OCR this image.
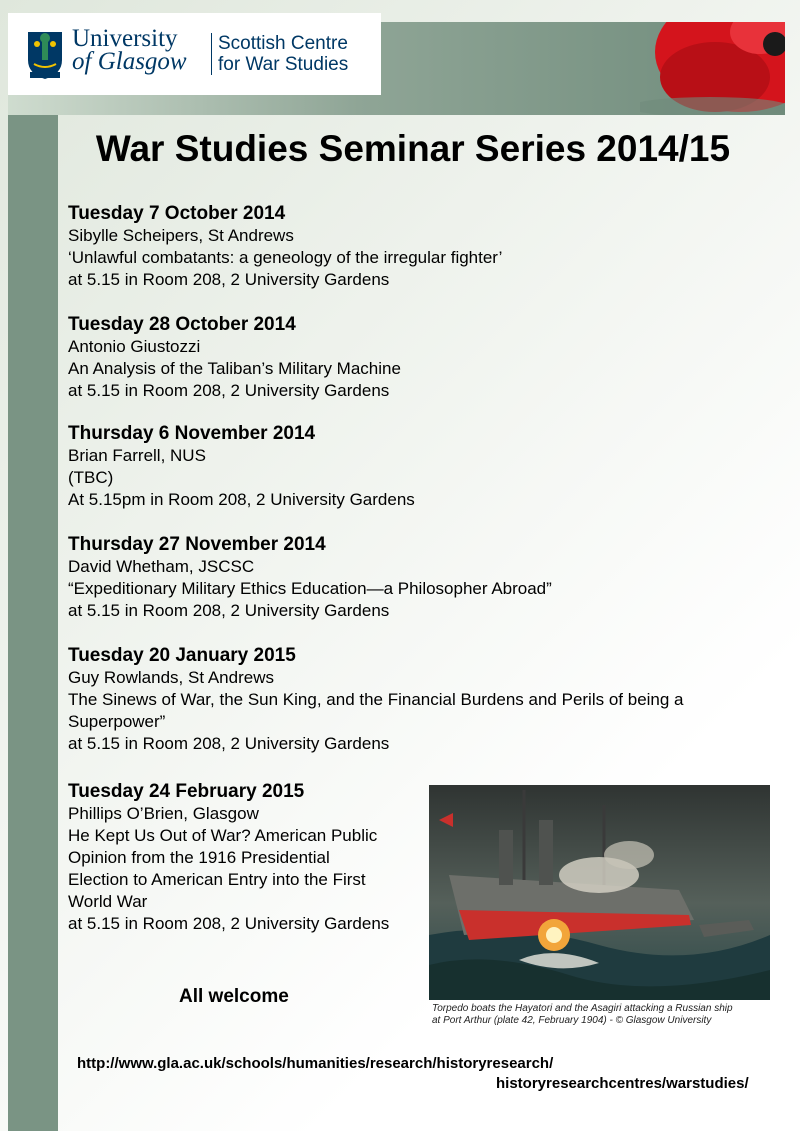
University
of Glasgow
Scottish Centre
for War Studies
War Studies Seminar Series 2014/15
Tuesday 7 October 2014
Sibylle Scheipers, St Andrews
‘Unlawful combatants: a geneology of the irregular fighter’
at 5.15 in Room 208, 2 University Gardens
Tuesday 28 October 2014
Antonio Giustozzi
An Analysis of the Taliban’s Military Machine
at 5.15 in Room 208, 2 University Gardens
Thursday 6 November 2014
Brian Farrell, NUS
(TBC)
At 5.15pm in Room 208, 2 University Gardens
Thursday 27 November 2014
David Whetham, JSCSC
“Expeditionary Military Ethics Education—a Philosopher Abroad”
at 5.15 in Room 208, 2 University Gardens
Tuesday 20 January 2015
Guy Rowlands, St Andrews
The Sinews of War, the Sun King, and the Financial Burdens and Perils of being a
Superpower”
at 5.15 in Room 208, 2 University Gardens
Tuesday 24 February 2015
Phillips O’Brien, Glasgow
He Kept Us Out of War? American Public
Opinion from the 1916 Presidential
Election to American Entry into the First
World War
at 5.15 in Room 208, 2 University Gardens
Torpedo boats the Hayatori and the Asagiri attacking a Russian ship
at Port Arthur (plate 42, February 1904) - © Glasgow University
All welcome
http://www.gla.ac.uk/schools/humanities/research/historyresearch/
historyresearchcentres/warstudies/
